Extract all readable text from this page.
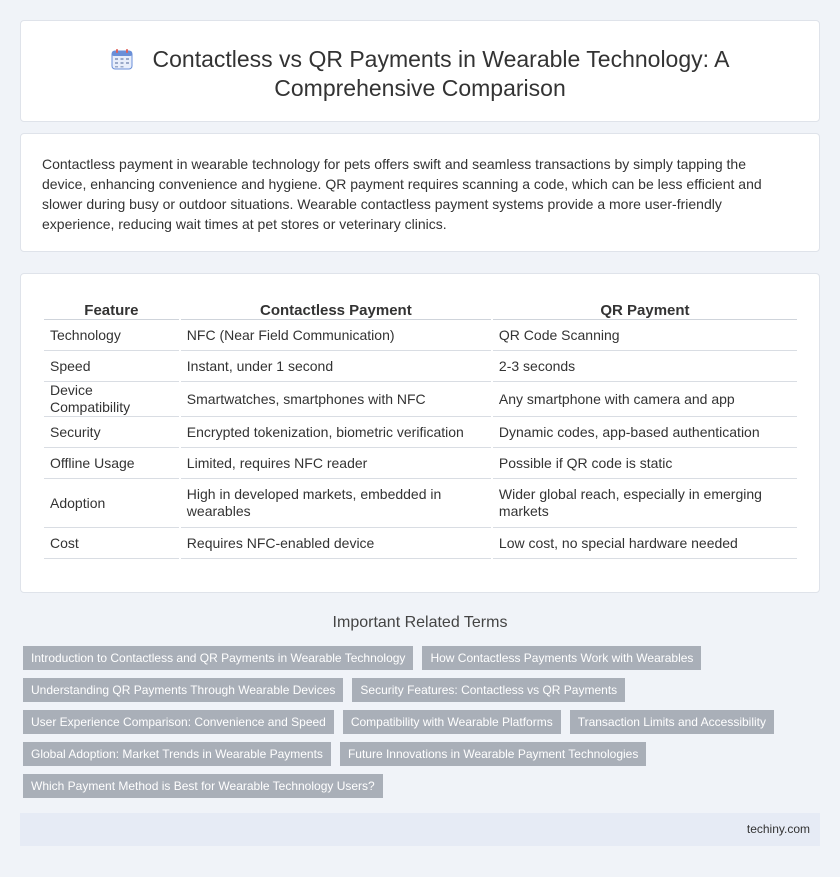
Contactless vs QR Payments in Wearable Technology: A Comprehensive Comparison

Contactless payment in wearable technology for pets offers swift and seamless transactions by simply tapping the device, enhancing convenience and hygiene. QR payment requires scanning a code, which can be less efficient and slower during busy or outdoor situations. Wearable contactless payment systems provide a more user-friendly experience, reducing wait times at pet stores or veterinary clinics.

Feature	Contactless Payment	QR Payment
Technology	NFC (Near Field Communication)	QR Code Scanning
Speed	Instant, under 1 second	2-3 seconds
Device Compatibility	Smartwatches, smartphones with NFC	Any smartphone with camera and app
Security	Encrypted tokenization, biometric verification	Dynamic codes, app-based authentication
Offline Usage	Limited, requires NFC reader	Possible if QR code is static
Adoption	High in developed markets, embedded in wearables	Wider global reach, especially in emerging markets
Cost	Requires NFC-enabled device	Low cost, no special hardware needed
Important Related Terms
Introduction to Contactless and QR Payments in Wearable Technology	How Contactless Payments Work with Wearables
Understanding QR Payments Through Wearable Devices	Security Features: Contactless vs QR Payments
User Experience Comparison: Convenience and Speed	Compatibility with Wearable Platforms	Transaction Limits and Accessibility
Global Adoption: Market Trends in Wearable Payments	Future Innovations in Wearable Payment Technologies
Which Payment Method is Best for Wearable Technology Users?
techiny.com
